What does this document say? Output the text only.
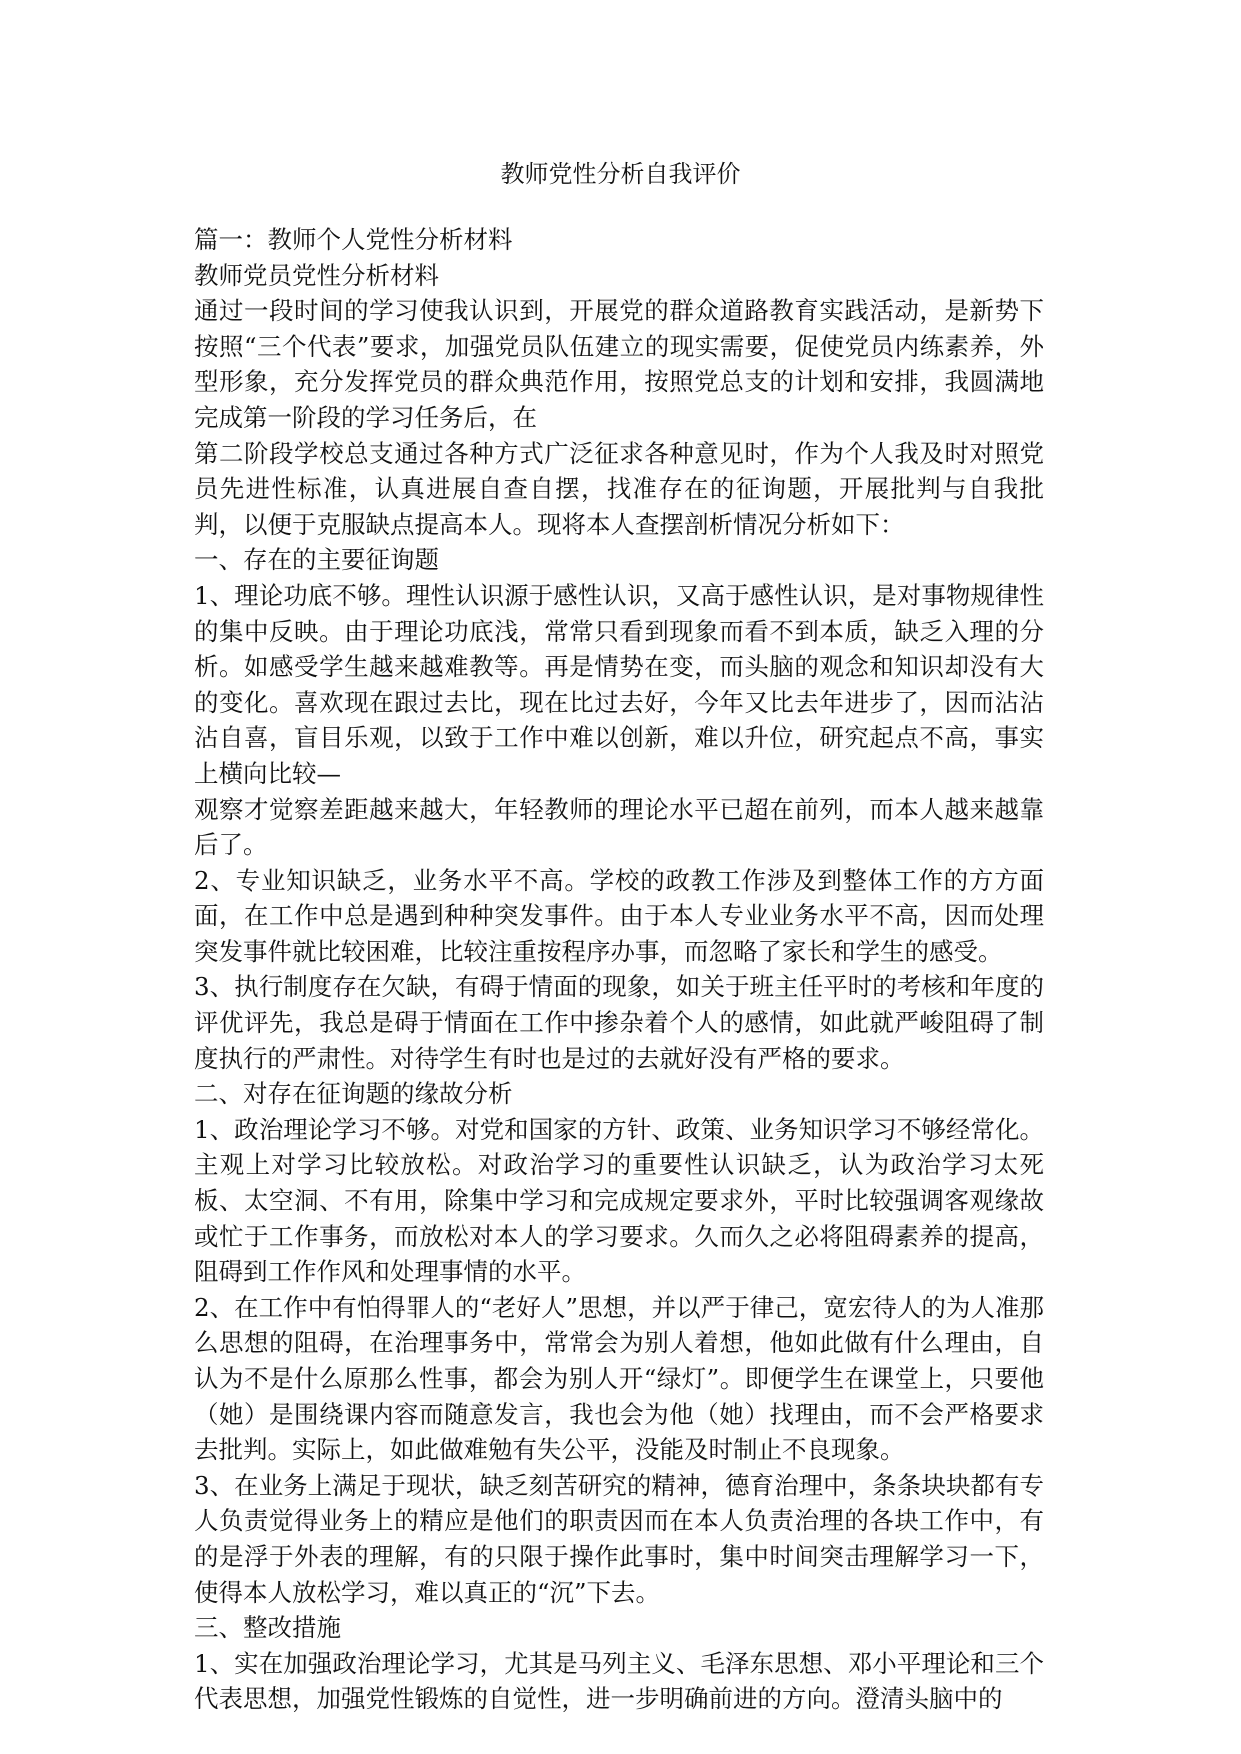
教师党性分析自我评价

篇一：教师个人党性分析材料

教师党员党性分析材料

通过一段时间的学习使我认识到，开展党的群众道路教育实践活动，是新势下按照“三个代表”要求，加强党员队伍建立的现实需要，促使党员内练素养，外型形象，充分发挥党员的群众典范作用，按照党总支的计划和安排，我圆满地完成第一阶段的学习任务后，在

第二阶段学校总支通过各种方式广泛征求各种意见时，作为个人我及时对照党员先进性标准，认真进展自查自摆，找准存在的征询题，开展批判与自我批判，以便于克服缺点提高本人。现将本人查摆剖析情况分析如下：

一、存在的主要征询题

1、理论功底不够。理性认识源于感性认识，又高于感性认识，是对事物规律性的集中反映。由于理论功底浅，常常只看到现象而看不到本质，缺乏入理的分析。如感受学生越来越难教等。再是情势在变，而头脑的观念和知识却没有大的变化。喜欢现在跟过去比，现在比过去好，今年又比去年进步了，因而沾沾沾自喜，盲目乐观，以致于工作中难以创新，难以升位，研究起点不高，事实上横向比较—

观察才觉察差距越来越大，年轻教师的理论水平已超在前列，而本人越来越靠后了。

2、专业知识缺乏，业务水平不高。学校的政教工作涉及到整体工作的方方面面，在工作中总是遇到种种突发事件。由于本人专业业务水平不高，因而处理突发事件就比较困难，比较注重按程序办事，而忽略了家长和学生的感受。

3、执行制度存在欠缺，有碍于情面的现象，如关于班主任平时的考核和年度的评优评先，我总是碍于情面在工作中掺杂着个人的感情，如此就严峻阻碍了制度执行的严肃性。对待学生有时也是过的去就好没有严格的要求。

二、对存在征询题的缘故分析

1、政治理论学习不够。对党和国家的方针、政策、业务知识学习不够经常化。主观上对学习比较放松。对政治学习的重要性认识缺乏，认为政治学习太死板、太空洞、不有用，除集中学习和完成规定要求外，平时比较强调客观缘故或忙于工作事务，而放松对本人的学习要求。久而久之必将阻碍素养的提高，阻碍到工作作风和处理事情的水平。

2、在工作中有怕得罪人的“老好人”思想，并以严于律己，宽宏待人的为人准那么思想的阻碍，在治理事务中，常常会为别人着想，他如此做有什么理由，自认为不是什么原那么性事，都会为别人开“绿灯”。即便学生在课堂上，只要他（她）是围绕课内容而随意发言，我也会为他（她）找理由，而不会严格要求去批判。实际上，如此做难勉有失公平，没能及时制止不良现象。

3、在业务上满足于现状，缺乏刻苦研究的精神，德育治理中，条条块块都有专人负责觉得业务上的精应是他们的职责因而在本人负责治理的各块工作中，有的是浮于外表的理解，有的只限于操作此事时，集中时间突击理解学习一下，使得本人放松学习，难以真正的“沉”下去。

三、整改措施

1、实在加强政治理论学习，尤其是马列主义、毛泽东思想、邓小平理论和三个代表思想，加强党性锻炼的自觉性，进一步明确前进的方向。澄清头脑中的
